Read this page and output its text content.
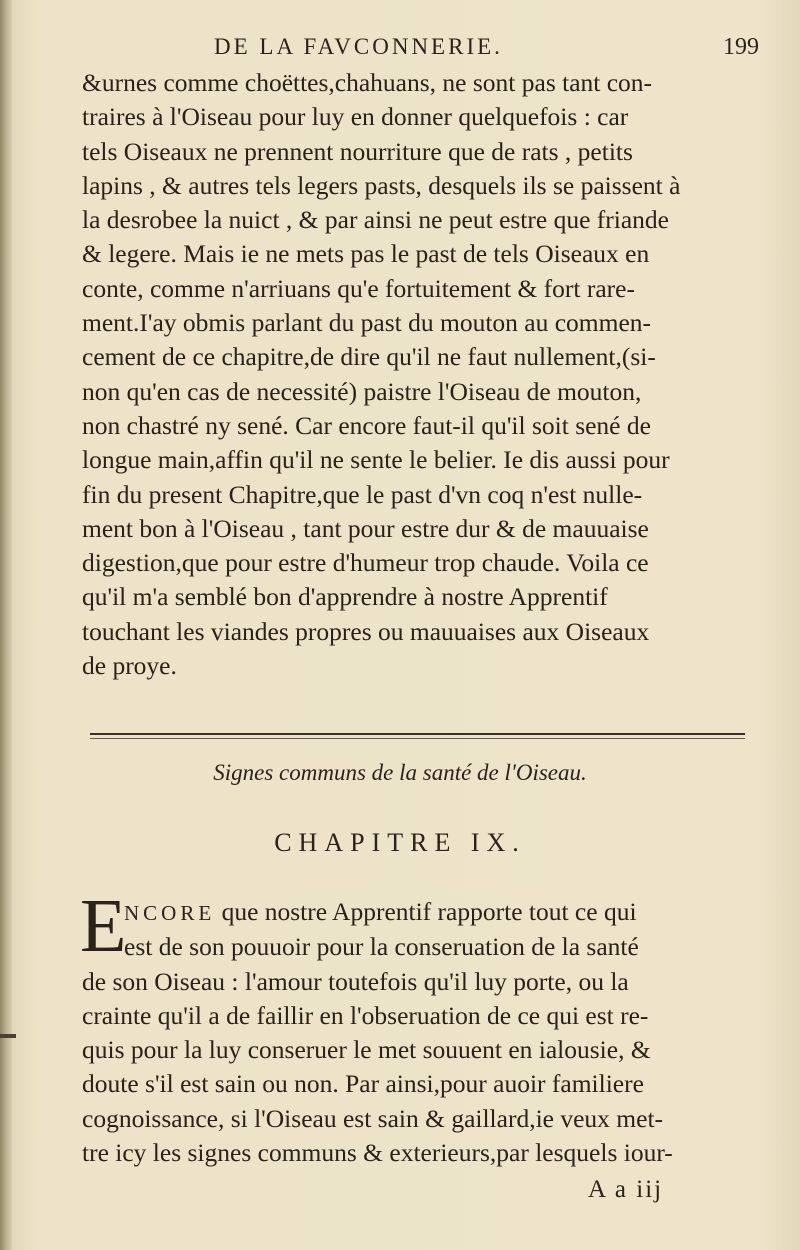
DE LA FAVCONNERIE.	199
&urnes comme choëttes,chahuans, ne sont pas tant con-
traires à l'Oiseau pour luy en donner quelquefois : car
tels Oiseaux ne prennent nourriture que de rats , petits
lapins , & autres tels legers pasts, desquels ils se paissent à
la desrobee la nuict , & par ainsi ne peut estre que friande
& legere. Mais ie ne mets pas le past de tels Oiseaux en
conte, comme n'arriuans qu'e fortuitement & fort rare-
ment.I'ay obmis parlant du past du mouton au commen-
cement de ce chapitre,de dire qu'il ne faut nullement,(si-
non qu'en cas de necessité) paistre l'Oiseau de mouton,
non chastré ny sené. Car encore faut-il qu'il soit sené de
longue main,affin qu'il ne sente le belier. Ie dis aussi pour
fin du present Chapitre,que le past d'vn coq n'est nulle-
ment bon à l'Oiseau , tant pour estre dur & de mauuaise
digestion,que pour estre d'humeur trop chaude. Voila ce
qu'il m'a semblé bon d'apprendre à nostre Apprentif
touchant les viandes propres ou mauuaises aux Oiseaux
de proye.
Signes communs de la santé de l'Oiseau.
CHAPITRE IX.
E
NCORE que nostre Apprentif rapporte tout ce qui
est de son pouuoir pour la conseruation de la santé
de son Oiseau : l'amour toutefois qu'il luy porte, ou la
crainte qu'il a de faillir en l'obseruation de ce qui est re-
quis pour la luy conseruer le met souuent en ialousie, &
doute s'il est sain ou non. Par ainsi,pour auoir familiere
cognoissance, si l'Oiseau est sain & gaillard,ie veux met-
tre icy les signes communs & exterieurs,par lesquels iour-
A a iij
